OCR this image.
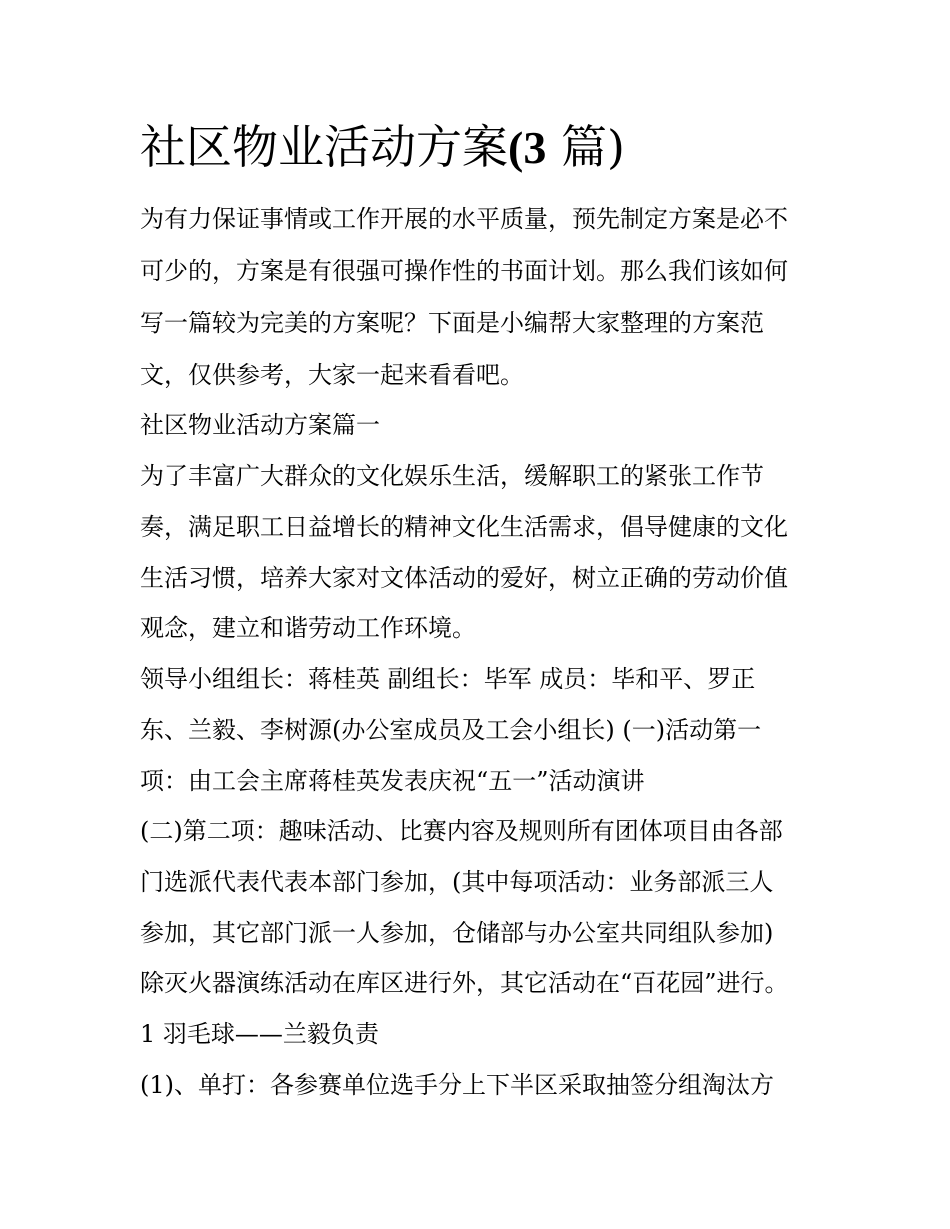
社区物业活动方案(3 篇)

为有力保证事情或工作开展的水平质量，预先制定方案是必不

可少的，方案是有很强可操作性的书面计划。那么我们该如何

写一篇较为完美的方案呢？下面是小编帮大家整理的方案范

文，仅供参考，大家一起来看看吧。

社区物业活动方案篇一

为了丰富广大群众的文化娱乐生活，缓解职工的紧张工作节

奏，满足职工日益增长的精神文化生活需求，倡导健康的文化

生活习惯，培养大家对文体活动的爱好，树立正确的劳动价值

观念，建立和谐劳动工作环境。

领导小组组长：蒋桂英 副组长：毕军 成员：毕和平、罗正

东、兰毅、李树源(办公室成员及工会小组长) (一)活动第一

项：由工会主席蒋桂英发表庆祝“五一”活动演讲

(二)第二项：趣味活动、比赛内容及规则所有团体项目由各部

门选派代表代表本部门参加，(其中每项活动：业务部派三人

参加，其它部门派一人参加，仓储部与办公室共同组队参加)

除灭火器演练活动在库区进行外，其它活动在“百花园”进行。

1 羽毛球——兰毅负责

(1)、单打：各参赛单位选手分上下半区采取抽签分组淘汰方
